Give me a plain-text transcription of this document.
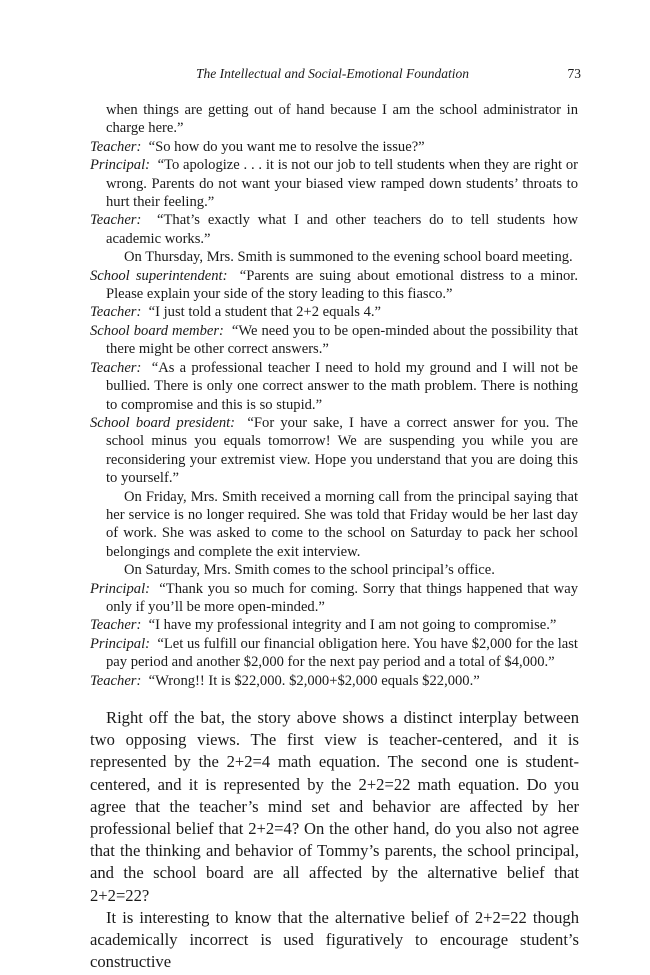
The Intellectual and Social-Emotional Foundation	73

when things are getting out of hand because I am the school administrator in charge here.”

Teacher: “So how do you want me to resolve the issue?”

Principal: “To apologize . . . it is not our job to tell students when they are right or wrong. Parents do not want your biased view ramped down students’ throats to hurt their feeling.”

Teacher: “That’s exactly what I and other teachers do to tell students how academic works.”

On Thursday, Mrs. Smith is summoned to the evening school board meeting.

School superintendent: “Parents are suing about emotional distress to a minor. Please explain your side of the story leading to this fiasco.”

Teacher: “I just told a student that 2+2 equals 4.”

School board member: “We need you to be open-minded about the possibility that there might be other correct answers.”

Teacher: “As a professional teacher I need to hold my ground and I will not be bullied. There is only one correct answer to the math problem. There is nothing to compromise and this is so stupid.”

School board president: “For your sake, I have a correct answer for you. The school minus you equals tomorrow! We are suspending you while you are reconsidering your extremist view. Hope you understand that you are doing this to yourself.”

On Friday, Mrs. Smith received a morning call from the principal saying that her service is no longer required. She was told that Friday would be her last day of work. She was asked to come to the school on Saturday to pack her school belongings and complete the exit interview.

On Saturday, Mrs. Smith comes to the school principal’s office.

Principal: “Thank you so much for coming. Sorry that things happened that way only if you’ll be more open-minded.”

Teacher: “I have my professional integrity and I am not going to compromise.”

Principal: “Let us fulfill our financial obligation here. You have $2,000 for the last pay period and another $2,000 for the next pay period and a total of $4,000.”

Teacher: “Wrong!! It is $22,000. $2,000+$2,000 equals $22,000.”

Right off the bat, the story above shows a distinct interplay between two opposing views. The first view is teacher-centered, and it is represented by the 2+2=4 math equation. The second one is student-centered, and it is represented by the 2+2=22 math equation. Do you agree that the teacher’s mind set and behavior are affected by her professional belief that 2+2=4? On the other hand, do you also not agree that the thinking and behavior of Tommy’s parents, the school principal, and the school board are all affected by the alternative belief that 2+2=22?

It is interesting to know that the alternative belief of 2+2=22 though academically incorrect is used figuratively to encourage student’s constructive
